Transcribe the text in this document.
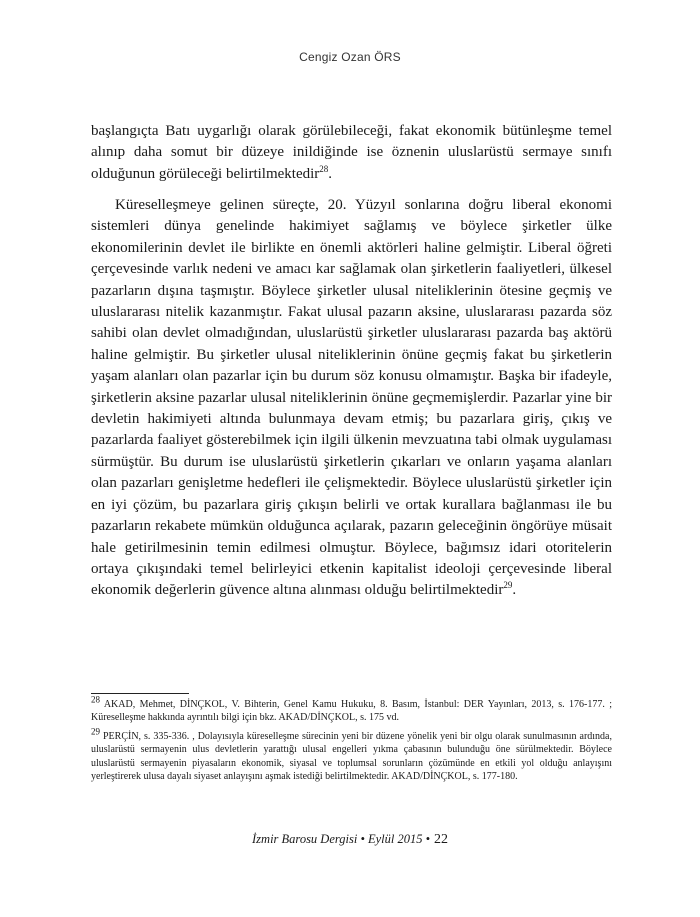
Cengiz Ozan ÖRS

başlangıçta Batı uygarlığı olarak görülebileceği, fakat ekonomik bütünleşme temel alınıp daha somut bir düzeye inildiğinde ise öznenin uluslarüstü sermaye sınıfı olduğunun görüleceği belirtilmektedir$^{28}$.

Küreselleşmeye gelinen süreçte, 20. Yüzyıl sonlarına doğru liberal ekonomi sistemleri dünya genelinde hakimiyet sağlamış ve böylece şirketler ülke ekonomilerinin devlet ile birlikte en önemli aktörleri haline gelmiştir. Liberal öğreti çerçevesinde varlık nedeni ve amacı kar sağlamak olan şirketlerin faaliyetleri, ülkesel pazarların dışına taşmıştır. Böylece şirketler ulusal niteliklerinin ötesine geçmiş ve uluslararası nitelik kazanmıştır. Fakat ulusal pazarın aksine, uluslararası pazarda söz sahibi olan devlet olmadığından, uluslarüstü şirketler uluslararası pazarda baş aktörü haline gelmiştir. Bu şirketler ulusal niteliklerinin önüne geçmiş fakat bu şirketlerin yaşam alanları olan pazarlar için bu durum söz konusu olmamıştır. Başka bir ifadeyle, şirketlerin aksine pazarlar ulusal niteliklerinin önüne geçmemişlerdir. Pazarlar yine bir devletin hakimiyeti altında bulunmaya devam etmiş; bu pazarlara giriş, çıkış ve pazarlarda faaliyet gösterebilmek için ilgili ülkenin mevzuatına tabi olmak uygulaması sürmüştür. Bu durum ise uluslarüstü şirketlerin çıkarları ve onların yaşama alanları olan pazarları genişletme hedefleri ile çelişmektedir. Böylece uluslarüstü şirketler için en iyi çözüm, bu pazarlara giriş çıkışın belirli ve ortak kurallara bağlanması ile bu pazarların rekabete mümkün olduğunca açılarak, pazarın geleceğinin öngörüye müsait hale getirilmesinin temin edilmesi olmuştur. Böylece, bağımsız idari otoritelerin ortaya çıkışındaki temel belirleyici etkenin kapitalist ideoloji çerçevesinde liberal ekonomik değerlerin güvence altına alınması olduğu belirtilmektedir$^{29}$.

$^{28}$ AKAD, Mehmet, DİNÇKOL, V. Bihterin, Genel Kamu Hukuku, 8. Basım, İstanbul: DER Yayınları, 2013, s. 176-177. ; Küreselleşme hakkında ayrıntılı bilgi için bkz. AKAD/DİNÇKOL, s. 175 vd.

$^{29}$ PERÇİN, s. 335-336. , Dolayısıyla küreselleşme sürecinin yeni bir düzene yönelik yeni bir olgu olarak sunulmasının ardında, uluslarüstü sermayenin ulus devletlerin yarattığı ulusal engelleri yıkma çabasının bulunduğu öne sürülmektedir. Böylece uluslarüstü sermayenin piyasaların ekonomik, siyasal ve toplumsal sorunların çözümünde en etkili yol olduğu anlayışını yerleştirerek ulusa dayalı siyaset anlayışını aşmak istediği belirtilmektedir. AKAD/DİNÇKOL, s. 177-180.

İzmir Barosu Dergisi • Eylül 2015 • 22
